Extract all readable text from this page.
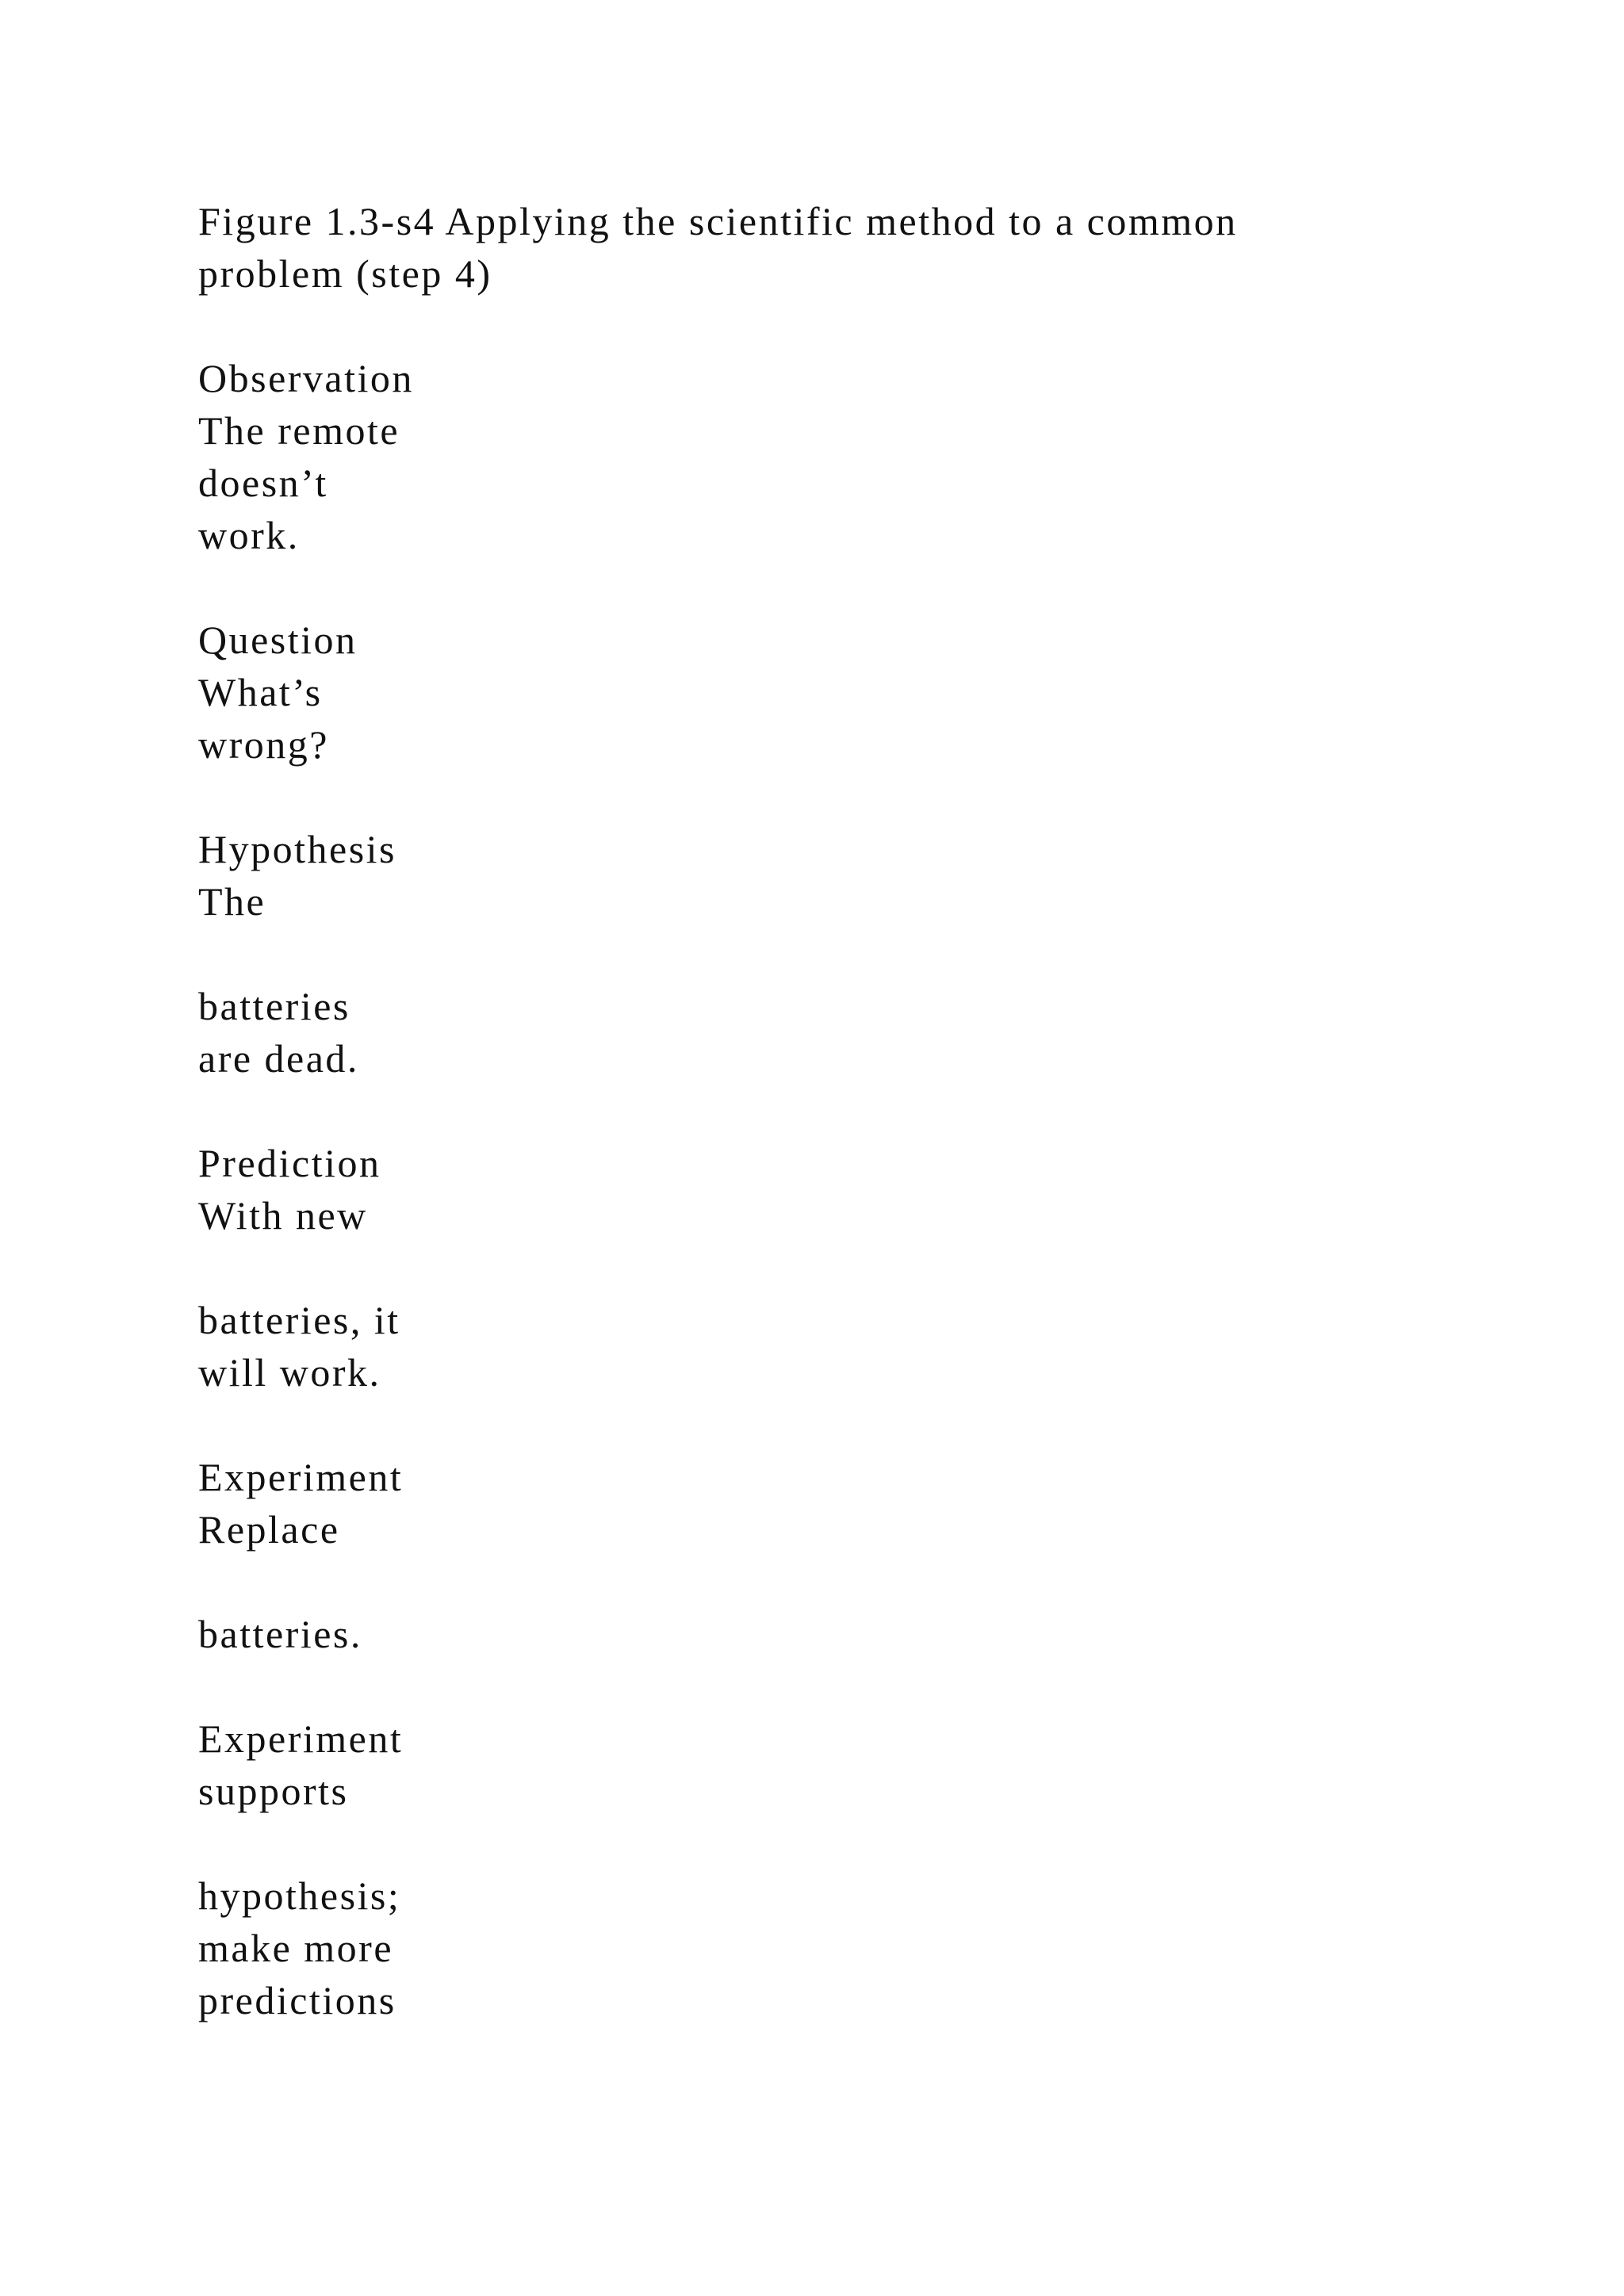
Figure 1.3-s4 Applying the scientific method to a common
problem (step 4)
Observation
The remote
doesn’t
work.
Question
What’s
wrong?
Hypothesis
The
batteries
are dead.
Prediction
With new
batteries, it
will work.
Experiment
Replace
batteries.
Experiment
supports
hypothesis;
make more
predictions
